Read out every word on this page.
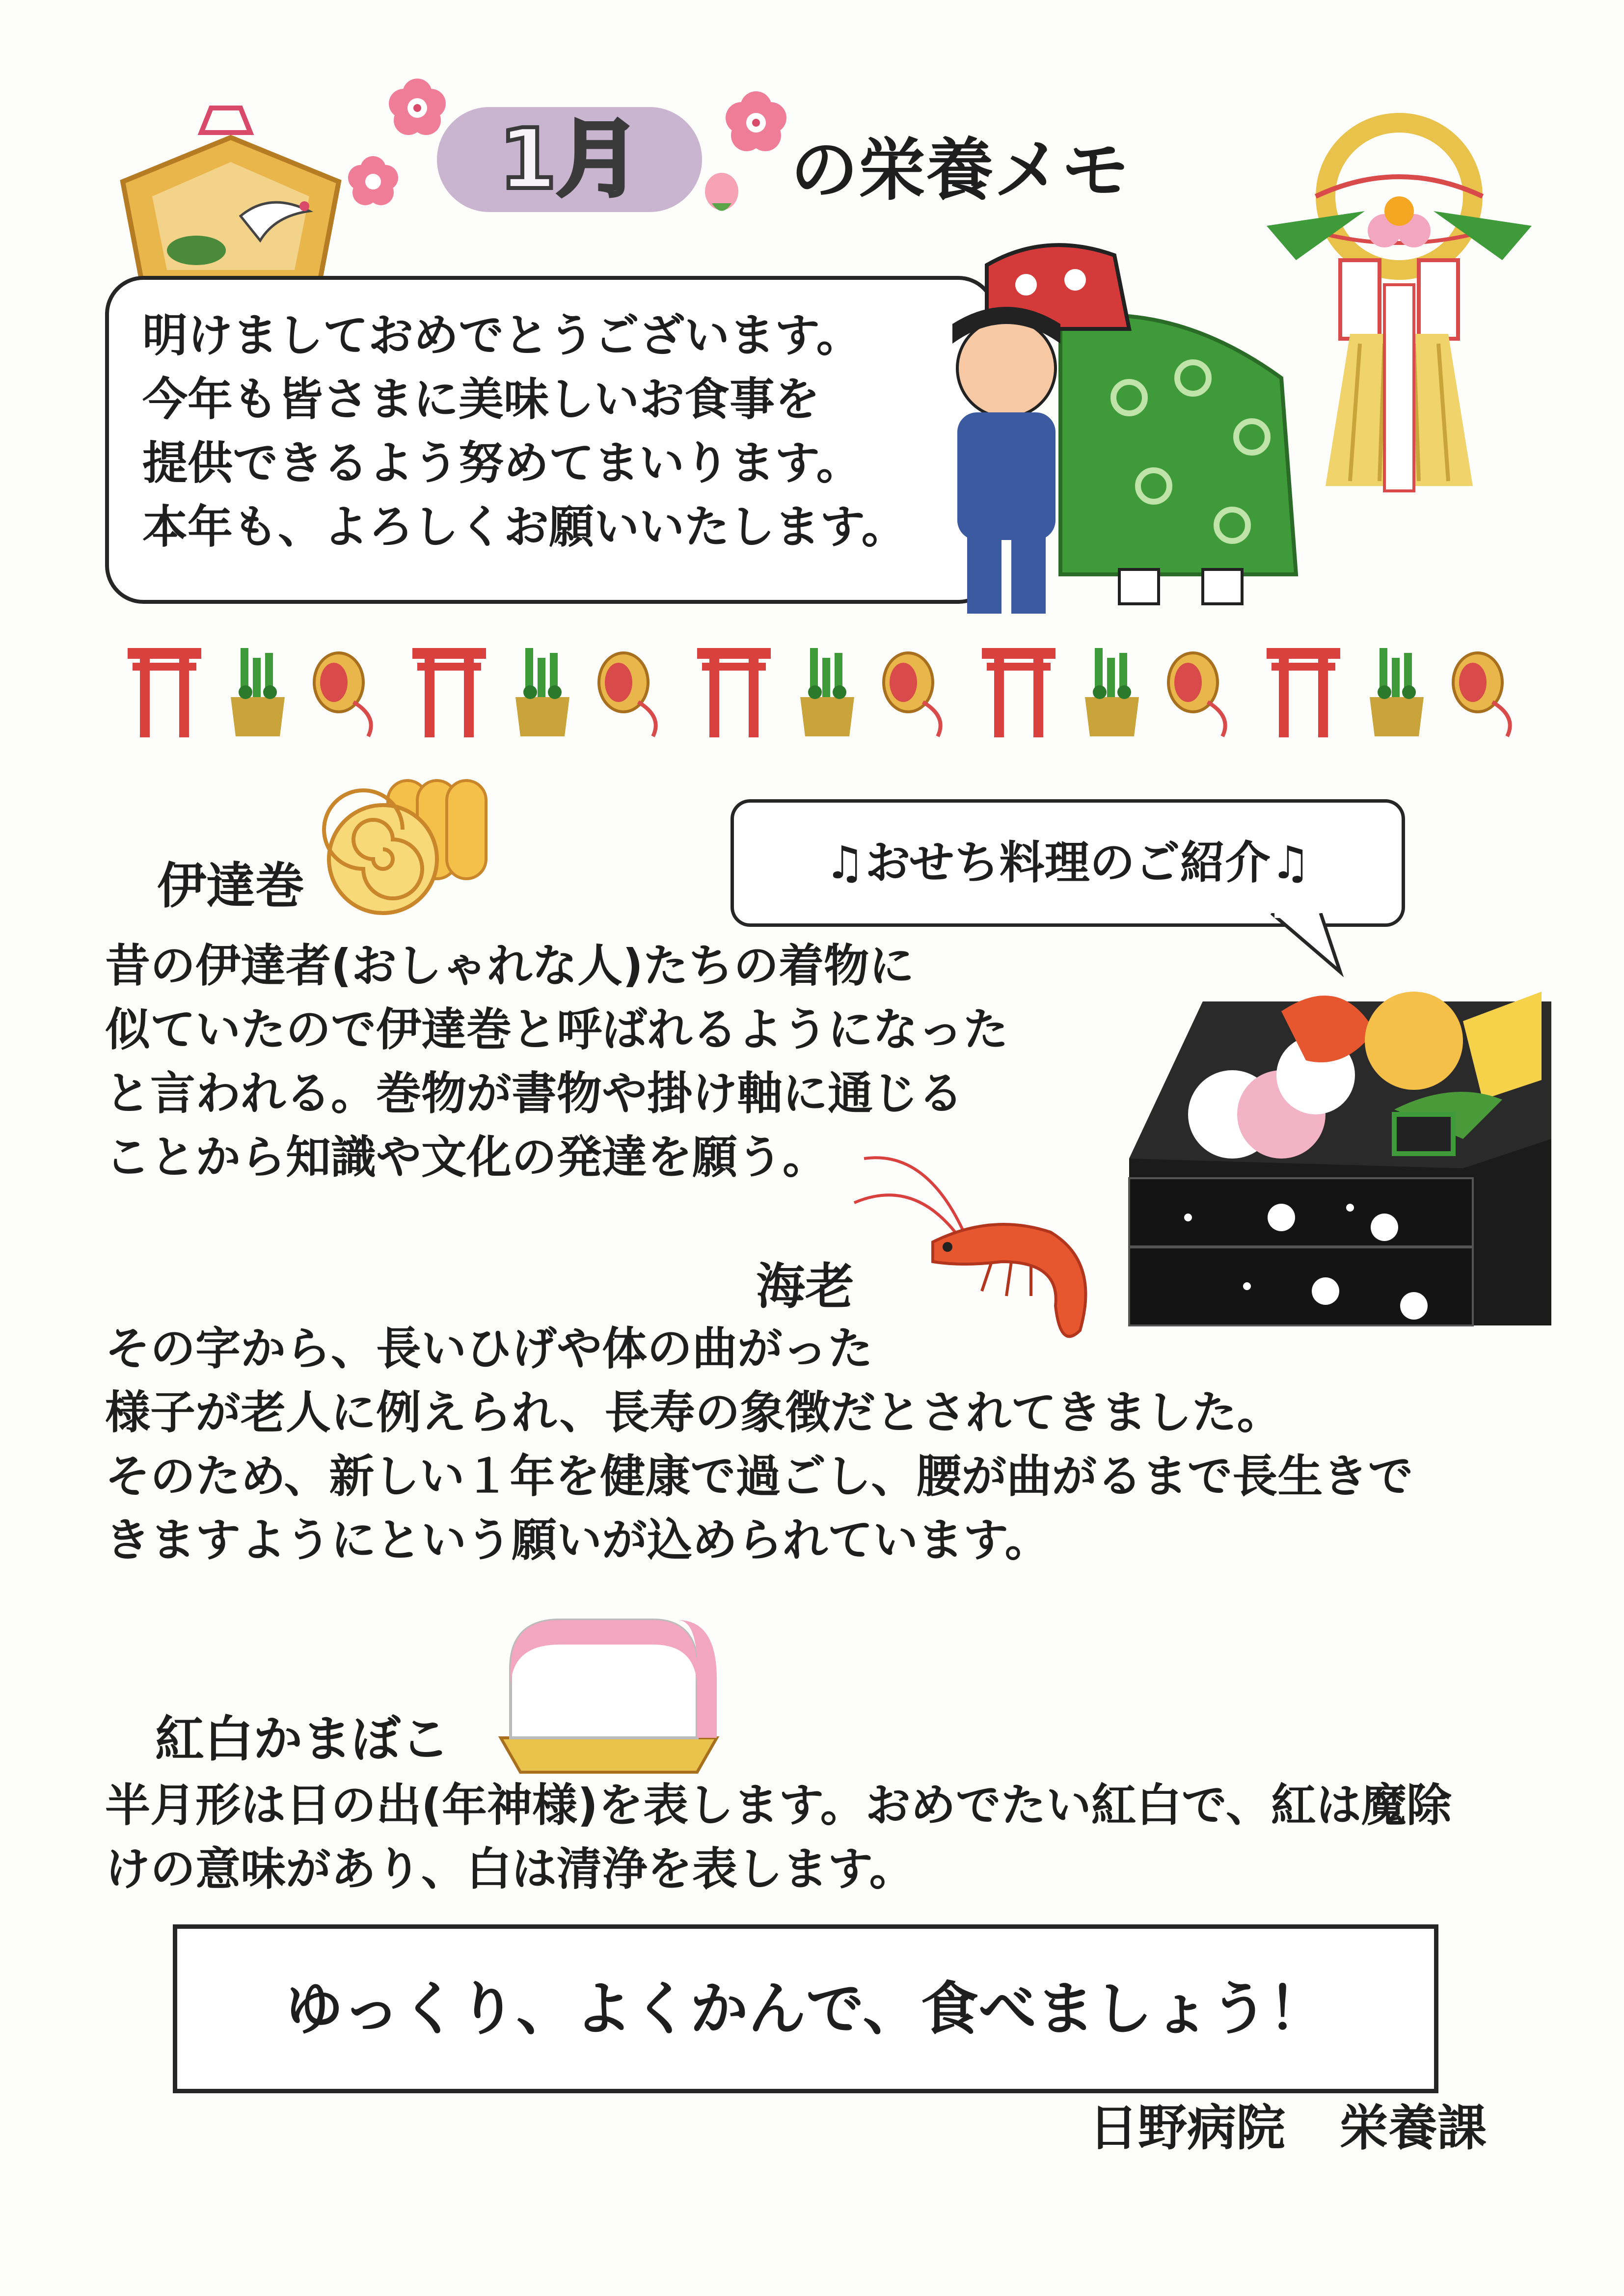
1月	の栄養メモ
明けましておめでとうございます。
今年も皆さまに美味しいお食事を
提供できるよう努めてまいります。
本年も、よろしくお願いいたします。
♫おせち料理のご紹介♫
伊達巻
昔の伊達者(おしゃれな人)たちの着物に
似ていたので伊達巻と呼ばれるようになった
と言われる。巻物が書物や掛け軸に通じる
ことから知識や文化の発達を願う。
海老
その字から、長いひげや体の曲がった
様子が老人に例えられ、長寿の象徴だとされてきました。
そのため、新しい１年を健康で過ごし、腰が曲がるまで長生きで
きますようにという願いが込められています。
紅白かまぼこ
半月形は日の出(年神様)を表します。おめでたい紅白で、紅は魔除
けの意味があり、白は清浄を表します。
ゆっくり、よくかんで、食べましょう！
日野病院 栄養課
